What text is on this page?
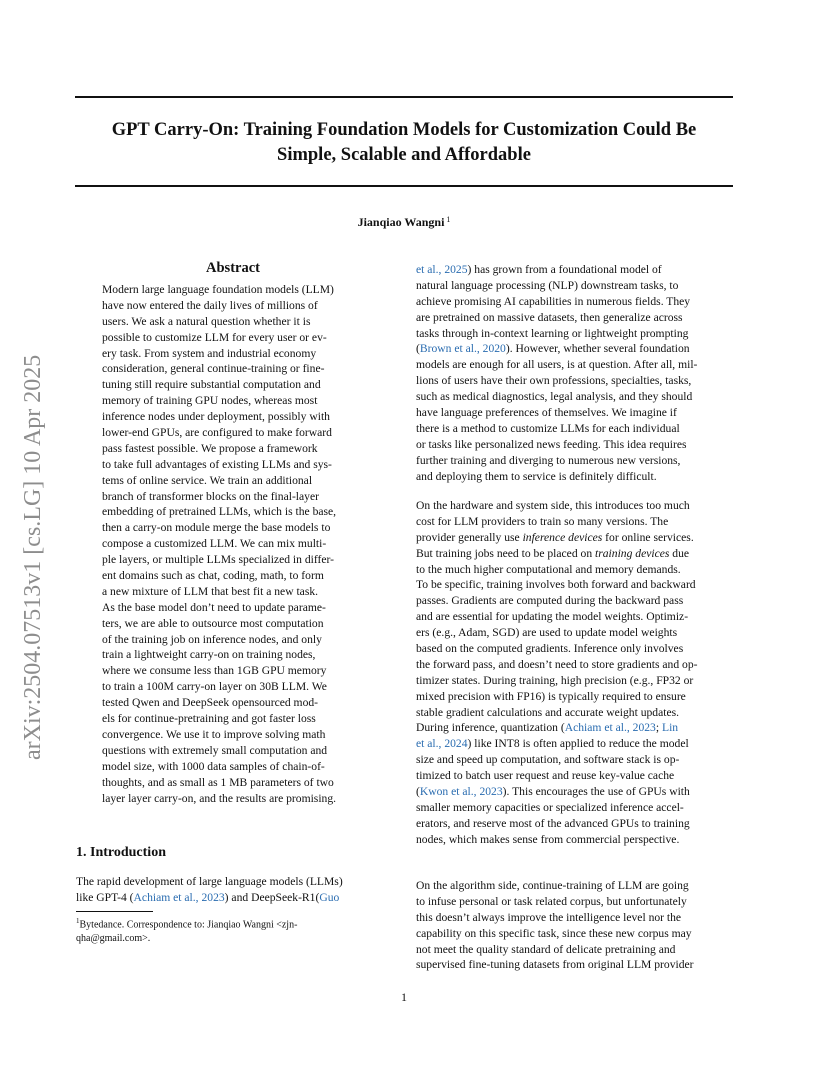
GPT Carry-On: Training Foundation Models for Customization Could Be
Simple, Scalable and Affordable
Jianqiao Wangni $^1$
arXiv:2504.07513v1 [cs.LG] 10 Apr 2025
Abstract
Modern large language foundation models (LLM)
have now entered the daily lives of millions of
users. We ask a natural question whether it is
possible to customize LLM for every user or ev-
ery task. From system and industrial economy
consideration, general continue-training or fine-
tuning still require substantial computation and
memory of training GPU nodes, whereas most
inference nodes under deployment, possibly with
lower-end GPUs, are configured to make forward
pass fastest possible. We propose a framework
to take full advantages of existing LLMs and sys-
tems of online service. We train an additional
branch of transformer blocks on the final-layer
embedding of pretrained LLMs, which is the base,
then a carry-on module merge the base models to
compose a customized LLM. We can mix multi-
ple layers, or multiple LLMs specialized in differ-
ent domains such as chat, coding, math, to form
a new mixture of LLM that best fit a new task.
As the base model don’t need to update parame-
ters, we are able to outsource most computation
of the training job on inference nodes, and only
train a lightweight carry-on on training nodes,
where we consume less than 1GB GPU memory
to train a 100M carry-on layer on 30B LLM. We
tested Qwen and DeepSeek opensourced mod-
els for continue-pretraining and got faster loss
convergence. We use it to improve solving math
questions with extremely small computation and
model size, with 1000 data samples of chain-of-
thoughts, and as small as 1 MB parameters of two
layer layer carry-on, and the results are promising.
1. Introduction
The rapid development of large language models (LLMs)
like GPT-4 (Achiam et al., 2023) and DeepSeek-R1(Guo
$^1$Bytedance. Correspondence to: Jianqiao Wangni <zjn-
qha@gmail.com>.
et al., 2025) has grown from a foundational model of
natural language processing (NLP) downstream tasks, to
achieve promising AI capabilities in numerous fields. They
are pretrained on massive datasets, then generalize across
tasks through in-context learning or lightweight prompting
(Brown et al., 2020). However, whether several foundation
models are enough for all users, is at question. After all, mil-
lions of users have their own professions, specialties, tasks,
such as medical diagnostics, legal analysis, and they should
have language preferences of themselves. We imagine if
there is a method to customize LLMs for each individual
or tasks like personalized news feeding. This idea requires
further training and diverging to numerous new versions,
and deploying them to service is definitely difficult.
On the hardware and system side, this introduces too much
cost for LLM providers to train so many versions. The
provider generally use inference devices for online services.
But training jobs need to be placed on training devices due
to the much higher computational and memory demands.
To be specific, training involves both forward and backward
passes. Gradients are computed during the backward pass
and are essential for updating the model weights. Optimiz-
ers (e.g., Adam, SGD) are used to update model weights
based on the computed gradients. Inference only involves
the forward pass, and doesn’t need to store gradients and op-
timizer states. During training, high precision (e.g., FP32 or
mixed precision with FP16) is typically required to ensure
stable gradient calculations and accurate weight updates.
During inference, quantization (Achiam et al., 2023; Lin
et al., 2024) like INT8 is often applied to reduce the model
size and speed up computation, and software stack is op-
timized to batch user request and reuse key-value cache
(Kwon et al., 2023). This encourages the use of GPUs with
smaller memory capacities or specialized inference accel-
erators, and reserve most of the advanced GPUs to training
nodes, which makes sense from commercial perspective.
On the algorithm side, continue-training of LLM are going
to infuse personal or task related corpus, but unfortunately
this doesn’t always improve the intelligence level nor the
capability on this specific task, since these new corpus may
not meet the quality standard of delicate pretraining and
supervised fine-tuning datasets from original LLM provider
1
